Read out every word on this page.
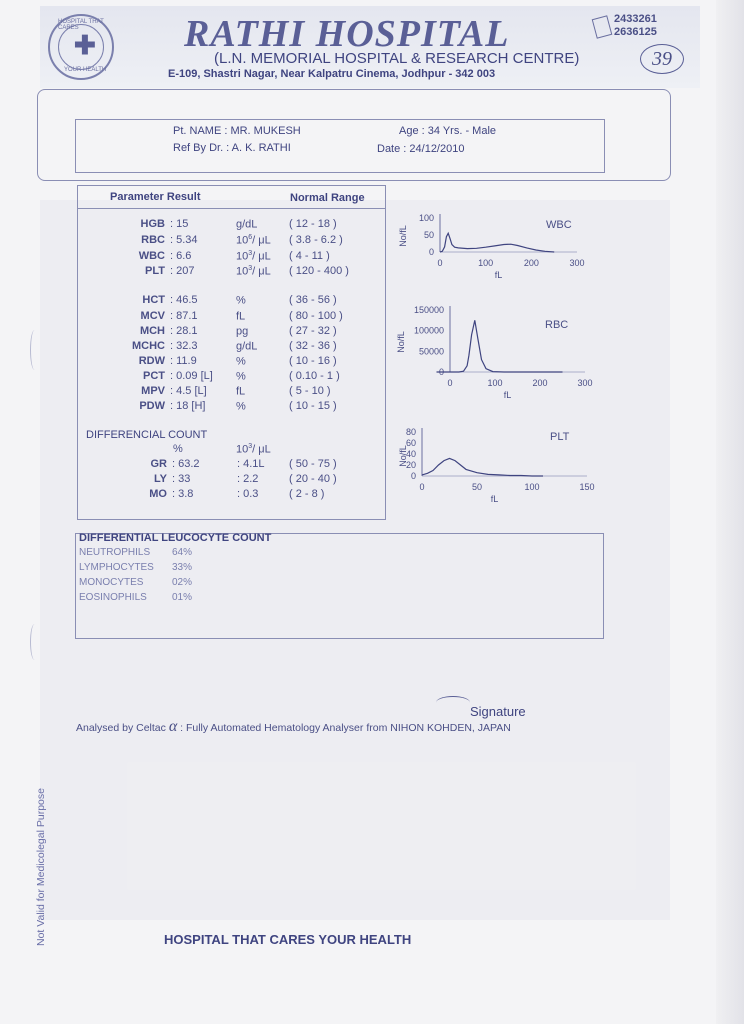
HOSPITAL THAT CARES
✚
YOUR HEALTH
RATHI HOSPITAL
(L.N. MEMORIAL HOSPITAL & RESEARCH CENTRE)
E-109, Shastri Nagar, Near Kalpatru Cinema, Jodhpur - 342 003
2433261
2636125
39
Pt. NAME : MR. MUKESH	Age : 34 Yrs. - Male
Ref By Dr. : A. K. RATHI	Date : 24/12/2010
Parameter Result	Normal Range
HGB : 15	g/dL	( 12 - 18 )
RBC : 5.34	$10^6/$ μL ( 3.8 - 6.2 )
WBC : 6.6	$10^3/$ μL ( 4 - 11 )
PLT : 207	$10^3/$ μL ( 120 - 400 )
HCT : 46.5	%	( 36 - 56 )
MCV : 87.1	fL	( 80 - 100 )
MCH : 28.1	pg	( 27 - 32 )
MCHC : 32.3	g/dL	( 32 - 36 )
RDW : 11.9	%	( 10 - 16 )
PCT : 0.09 [L] %	( 0.10 - 1 )
MPV : 4.5 [L]	fL	( 5 - 10 )
PDW : 18 [H]	%	( 10 - 15 )
DIFFERENCIAL COUNT
%	$10^3/$ μL
GR : 63.2	: 4.1L ( 50 - 75 )
LY : 33	: 2.2	( 20 - 40 )
MO : 3.8	: 0.3	( 2 - 8 )
0
50
100
0	100	200	300
fL
No/fL
WBC
0
50000
100000
150000
0	100	200	300
fL
No/fL
RBC
0
20
40
60
80
0	50	100	150
fL
No/fL
PLT
DIFFERENTIAL LEUCOCYTE COUNT
NEUTROPHILS 64%
LYMPHOCYTES 33%
MONOCYTES	02%
EOSINOPHILS	01%
Signature
Analysed by Celtac α : Fully Automated Hematology Analyser from NIHON KOHDEN, JAPAN
Not Valid for Medicolegal Purpose	HOSPITAL THAT CARES YOUR HEALTH
